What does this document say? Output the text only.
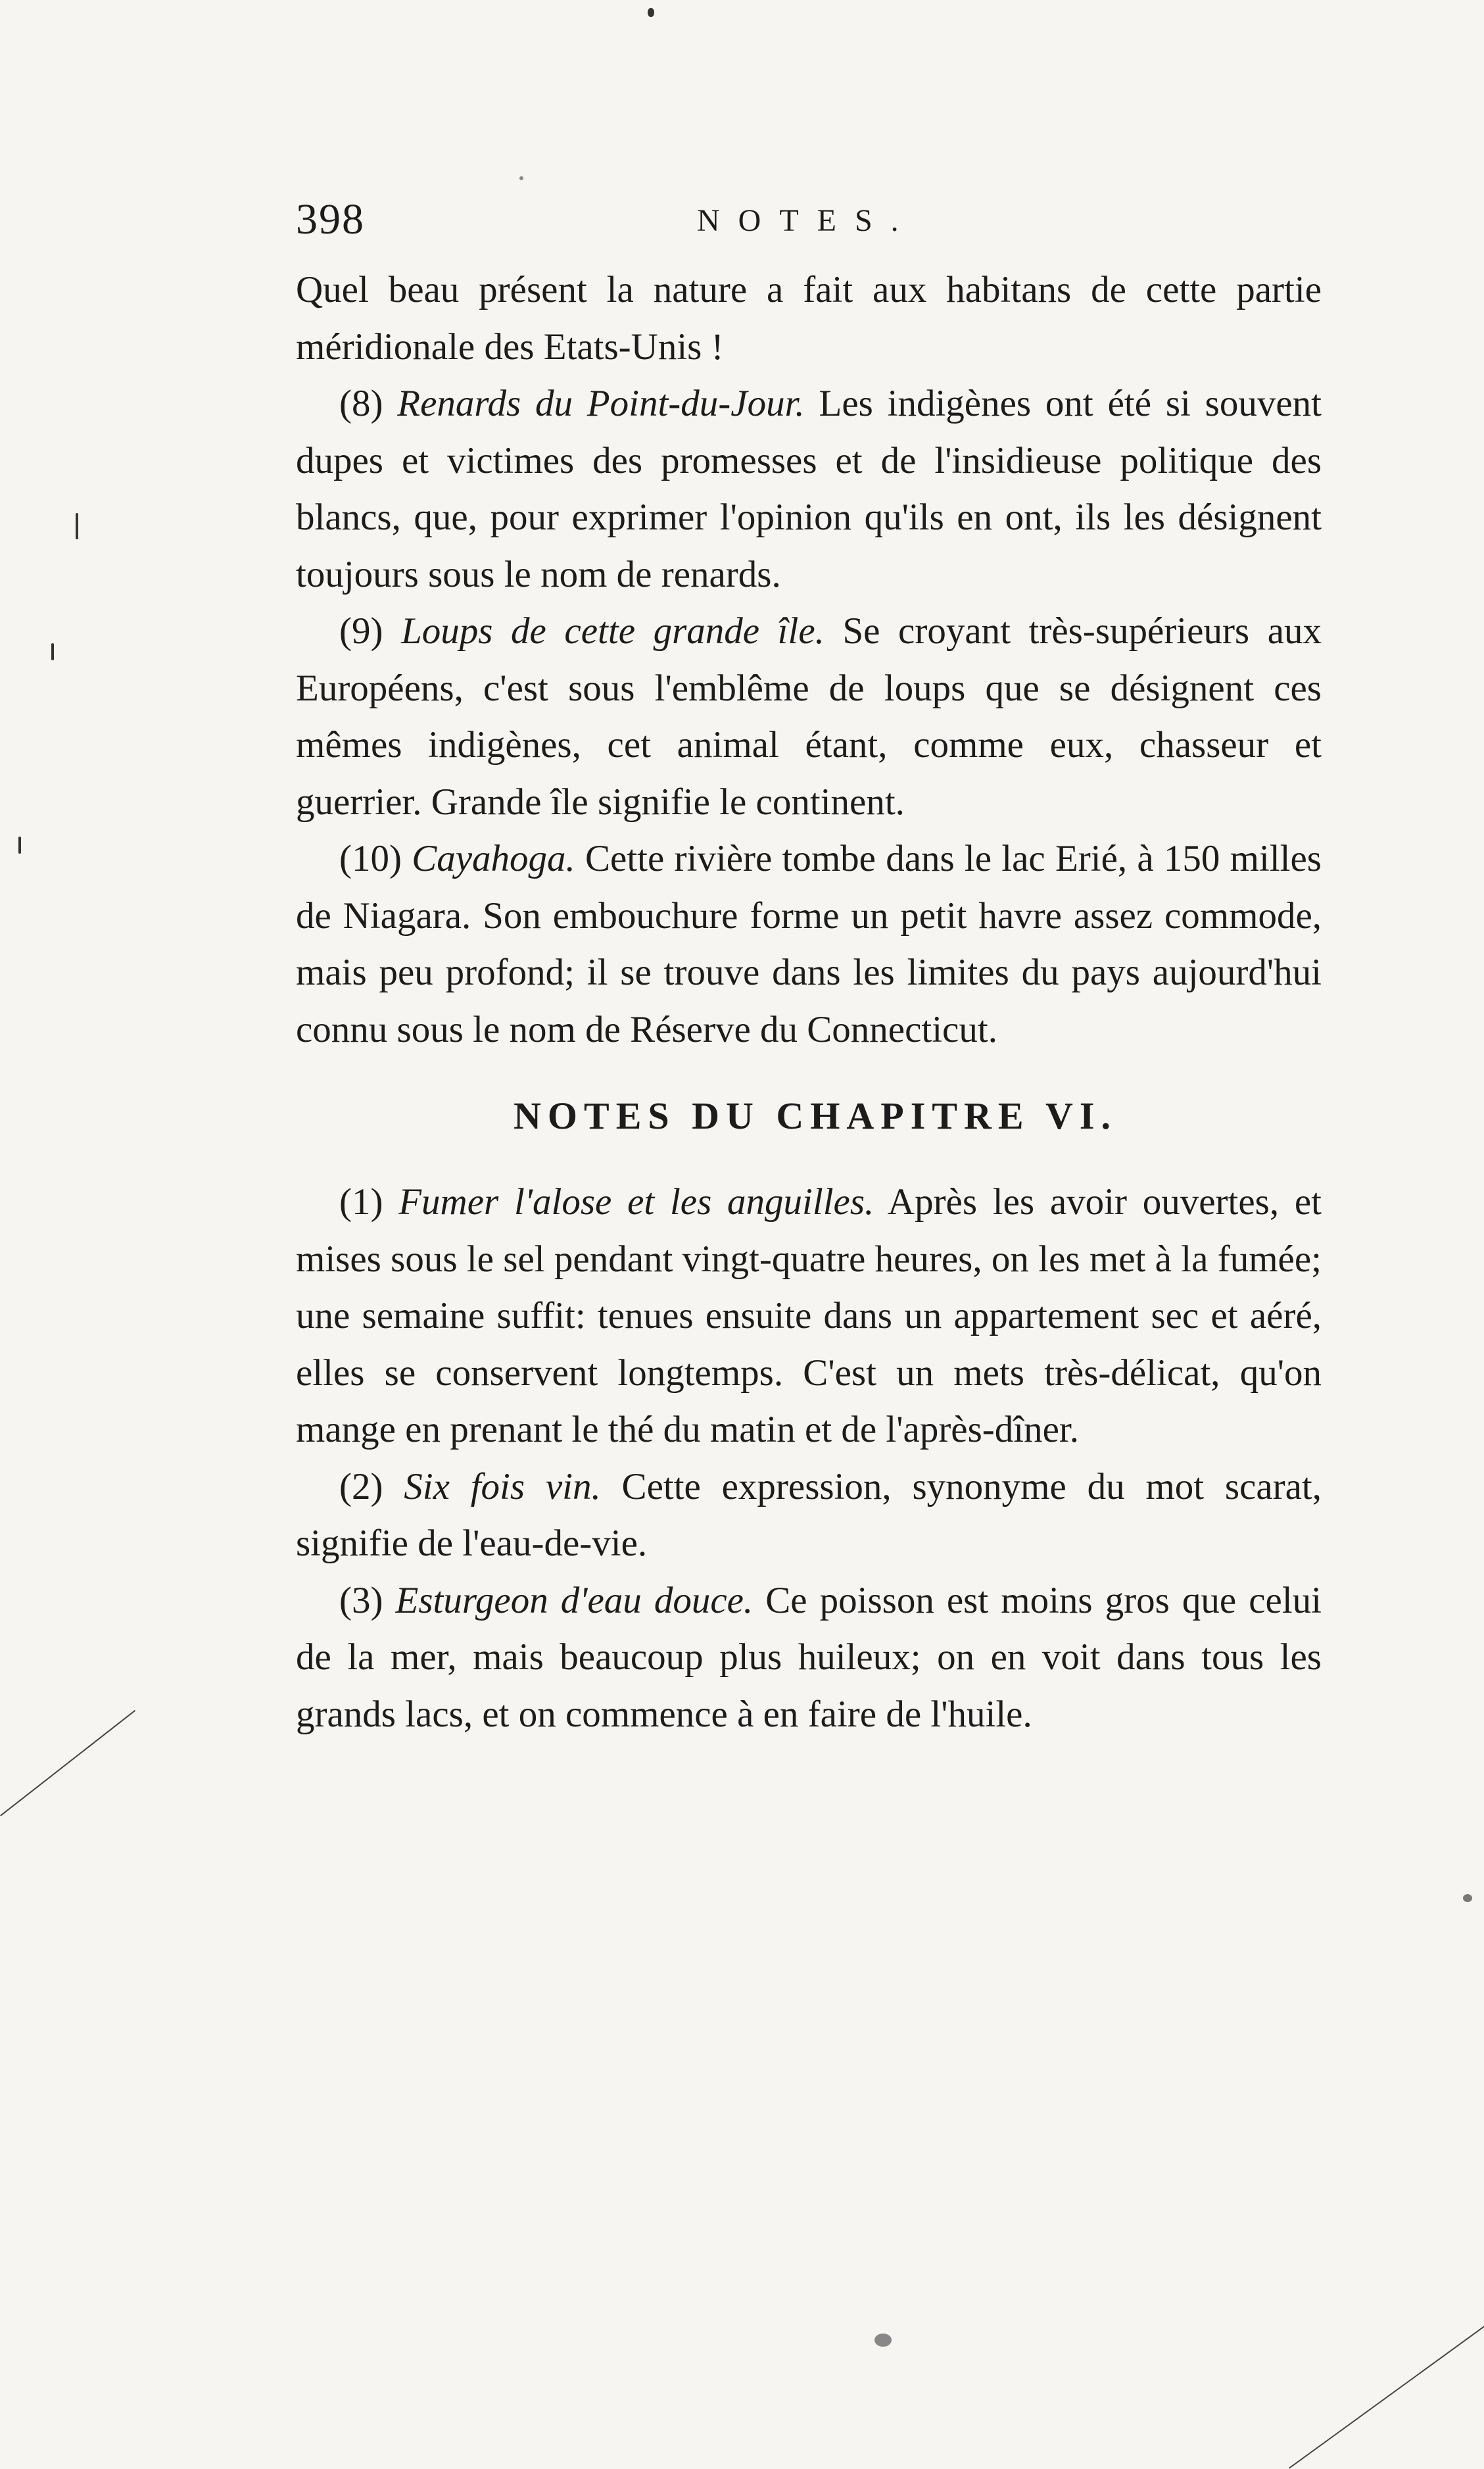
398	NOTES.

Quel beau présent la nature a fait aux habitans de cette partie méridionale des Etats-Unis !

(8) Renards du Point-du-Jour. Les indigènes ont été si souvent dupes et victimes des promesses et de l'insidieuse politique des blancs, que, pour exprimer l'opinion qu'ils en ont, ils les désignent toujours sous le nom de renards.

(9) Loups de cette grande île. Se croyant très-supérieurs aux Européens, c'est sous l'emblême de loups que se désignent ces mêmes indigènes, cet animal étant, comme eux, chasseur et guerrier. Grande île signifie le continent.

(10) Cayahoga. Cette rivière tombe dans le lac Erié, à 150 milles de Niagara. Son embouchure forme un petit havre assez commode, mais peu profond; il se trouve dans les limites du pays aujourd'hui connu sous le nom de Réserve du Connecticut.

NOTES DU CHAPITRE VI.

(1) Fumer l'alose et les anguilles. Après les avoir ouvertes, et mises sous le sel pendant vingt-quatre heures, on les met à la fumée; une semaine suffit: tenues ensuite dans un appartement sec et aéré, elles se conservent longtemps. C'est un mets très-délicat, qu'on mange en prenant le thé du matin et de l'après-dîner.

(2) Six fois vin. Cette expression, synonyme du mot scarat, signifie de l'eau-de-vie.

(3) Esturgeon d'eau douce. Ce poisson est moins gros que celui de la mer, mais beaucoup plus huileux; on en voit dans tous les grands lacs, et on commence à en faire de l'huile.
